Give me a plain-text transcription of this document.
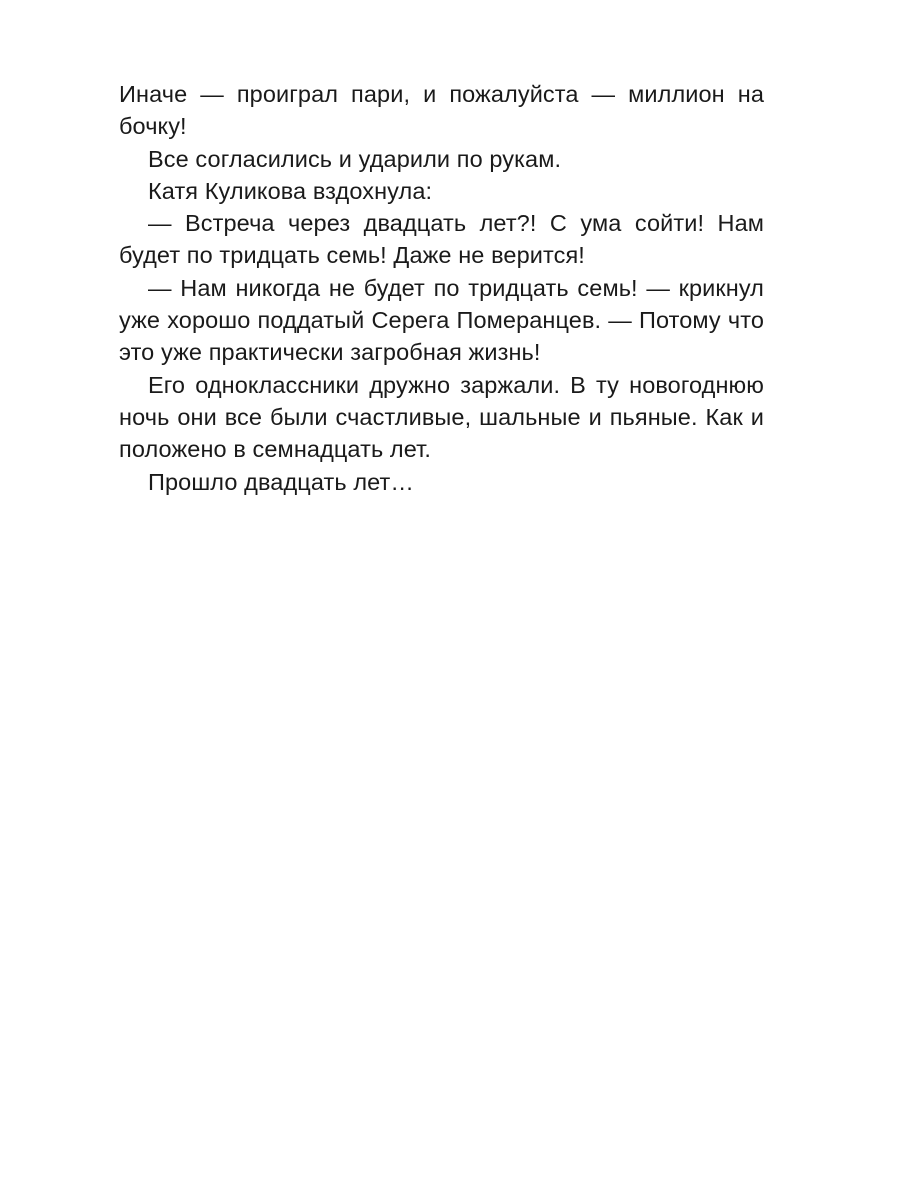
Иначе — проиграл пари, и пожалуйста — миллион на бочку!

Все согласились и ударили по рукам.

Катя Куликова вздохнула:

— Встреча через двадцать лет?! С ума сойти! Нам будет по тридцать семь! Даже не верится!

— Нам никогда не будет по тридцать семь! — крикнул уже хорошо поддатый Серега Померанцев. — Потому что это уже практически загробная жизнь!

Его одноклассники дружно заржали. В ту новогоднюю ночь они все были счастливые, шальные и пьяные. Как и положено в семнадцать лет.

Прошло двадцать лет…
